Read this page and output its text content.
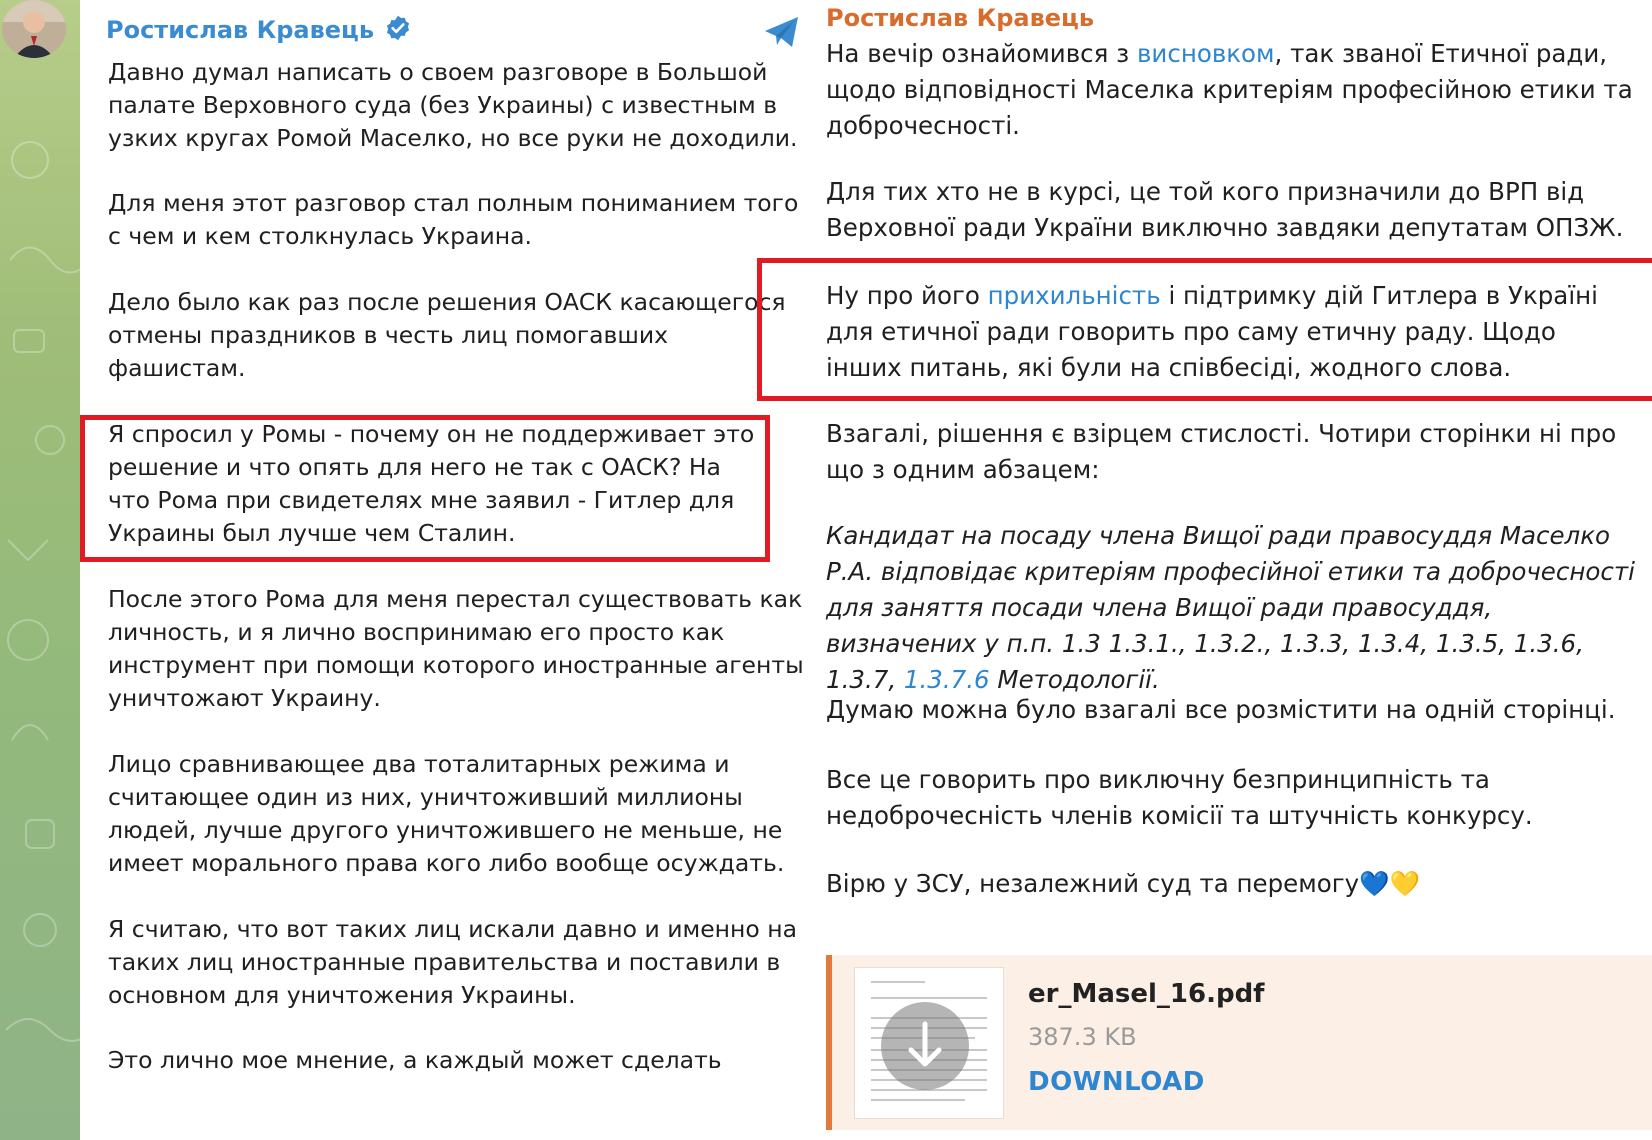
Ростислав Кравець

Давно думал написать о своем разговоре в Большой палате Верховного суда (без Украины) с известным в узких кругах Ромой Маселко, но все руки не доходили.

Для меня этот разговор стал полным пониманием того с чем и кем столкнулась Украина.

Дело было как раз после решения ОАСК касающегося отмены праздников в честь лиц помогавших фашистам.

Я спросил у Ромы - почему он не поддерживает это решение и что опять для него не так с ОАСК? На что Рома при свидетелях мне заявил - Гитлер для Украины был лучше чем Сталин.

После этого Рома для меня перестал существовать как личность, и я лично воспринимаю его просто как инструмент при помощи которого иностранные агенты уничтожают Украину.

Лицо сравнивающее два тоталитарных режима и считающее один из них, уничтоживший миллионы людей, лучше другого уничтожившего не меньше, не имеет морального права кого либо вообще осуждать.

Я считаю, что вот таких лиц искали давно и именно на таких лиц иностранные правительства и поставили в основном для уничтожения Украины.

Это лично мое мнение, а каждый может сделать

Ростислав Кравець

На вечір ознайомився з висновком, так званої Етичної ради, щодо відповідності Маселка критеріям професійною етики та доброчесності.

Для тих хто не в курсі, це той кого призначили до ВРП від Верховної ради України виключно завдяки депутатам ОПЗЖ.

Ну про його прихильність і підтримку дій Гитлера в Україні для етичної ради говорить про саму етичну раду. Щодо інших питань, які були на співбесіді, жодного слова.

Взагалі, рішення є взірцем стислості. Чотири сторінки ні про що з одним абзацем:

Кандидат на посаду члена Вищої ради правосуддя Маселко Р.А. відповідає критеріям професійної етики та доброчесності для заняття посади члена Вищої ради правосуддя, визначених у п.п. 1.3 1.3.1., 1.3.2., 1.3.3, 1.3.4, 1.3.5, 1.3.6, 1.3.7, 1.3.7.6 Методології.

Думаю можна було взагалі все розмістити на одній сторінці.

Все це говорить про виключну безпринципність та недоброчесність членів комісії та штучність конкурсу.

Вірю у ЗСУ, незалежний суд та перемогу💙💛

er_Masel_16.pdf
387.3 KB
DOWNLOAD
